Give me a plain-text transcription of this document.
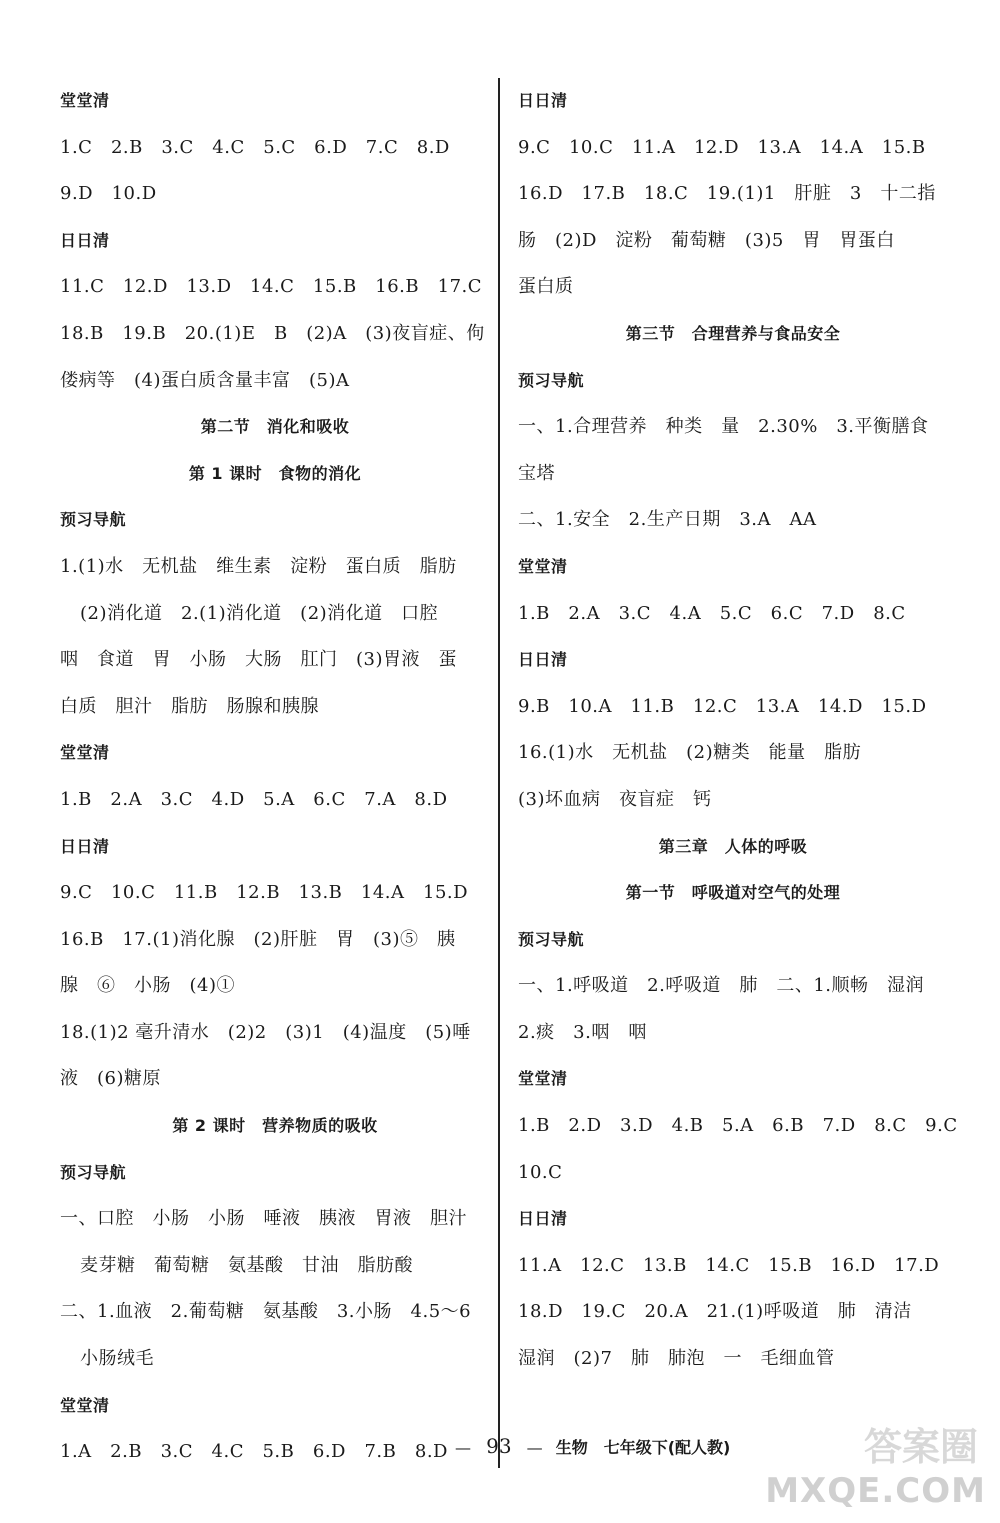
堂堂清
1.C　2.B　3.C　4.C　5.C　6.D　7.C　8.D
9.D　10.D
日日清
11.C　12.D　13.D　14.C　15.B　16.B　17.C
18.B　19.B　20.(1)E　B　(2)A　(3)夜盲症、佝
偻病等　(4)蛋白质含量丰富　(5)A
第二节　消化和吸收
第 1 课时　食物的消化
预习导航
1.(1)水　无机盐　维生素　淀粉　蛋白质　脂肪
(2)消化道　2.(1)消化道　(2)消化道　口腔
咽　食道　胃　小肠　大肠　肛门　(3)胃液　蛋
白质　胆汁　脂肪　肠腺和胰腺
堂堂清
1.B　2.A　3.C　4.D　5.A　6.C　7.A　8.D
日日清
9.C　10.C　11.B　12.B　13.B　14.A　15.D
16.B　17.(1)消化腺　(2)肝脏　胃　(3)⑤　胰
腺　⑥　小肠　(4)①
18.(1)2 毫升清水　(2)2　(3)1　(4)温度　(5)唾
液　(6)糖原
第 2 课时　营养物质的吸收
预习导航
一、口腔　小肠　小肠　唾液　胰液　胃液　胆汁
麦芽糖　葡萄糖　氨基酸　甘油　脂肪酸
二、1.血液　2.葡萄糖　氨基酸　3.小肠　4.5～6
小肠绒毛
堂堂清
1.A　2.B　3.C　4.C　5.B　6.D　7.B　8.D
日日清
9.C　10.C　11.A　12.D　13.A　14.A　15.B
16.D　17.B　18.C　19.(1)1　肝脏　3　十二指
肠　(2)D　淀粉　葡萄糖　(3)5　胃　胃蛋白
蛋白质
第三节　合理营养与食品安全
预习导航
一、1.合理营养　种类　量　2.30%　3.平衡膳食
宝塔
二、1.安全　2.生产日期　3.A　AA
堂堂清
1.B　2.A　3.C　4.A　5.C　6.C　7.D　8.C
日日清
9.B　10.A　11.B　12.C　13.A　14.D　15.D
16.(1)水　无机盐　(2)糖类　能量　脂肪
(3)坏血病　夜盲症　钙
第三章　人体的呼吸
第一节　呼吸道对空气的处理
预习导航
一、1.呼吸道　2.呼吸道　肺　二、1.顺畅　湿润
2.痰　3.咽　咽
堂堂清
1.B　2.D　3.D　4.B　5.A　6.B　7.D　8.C　9.C
10.C
日日清
11.A　12.C　13.B　14.C　15.B　16.D　17.D
18.D　19.C　20.A　21.(1)呼吸道　肺　清洁
湿润　(2)7　肺　肺泡　一　毛细血管
— 93 — 生物　七年级下(配人教)	答案圈
MXQE.COM
